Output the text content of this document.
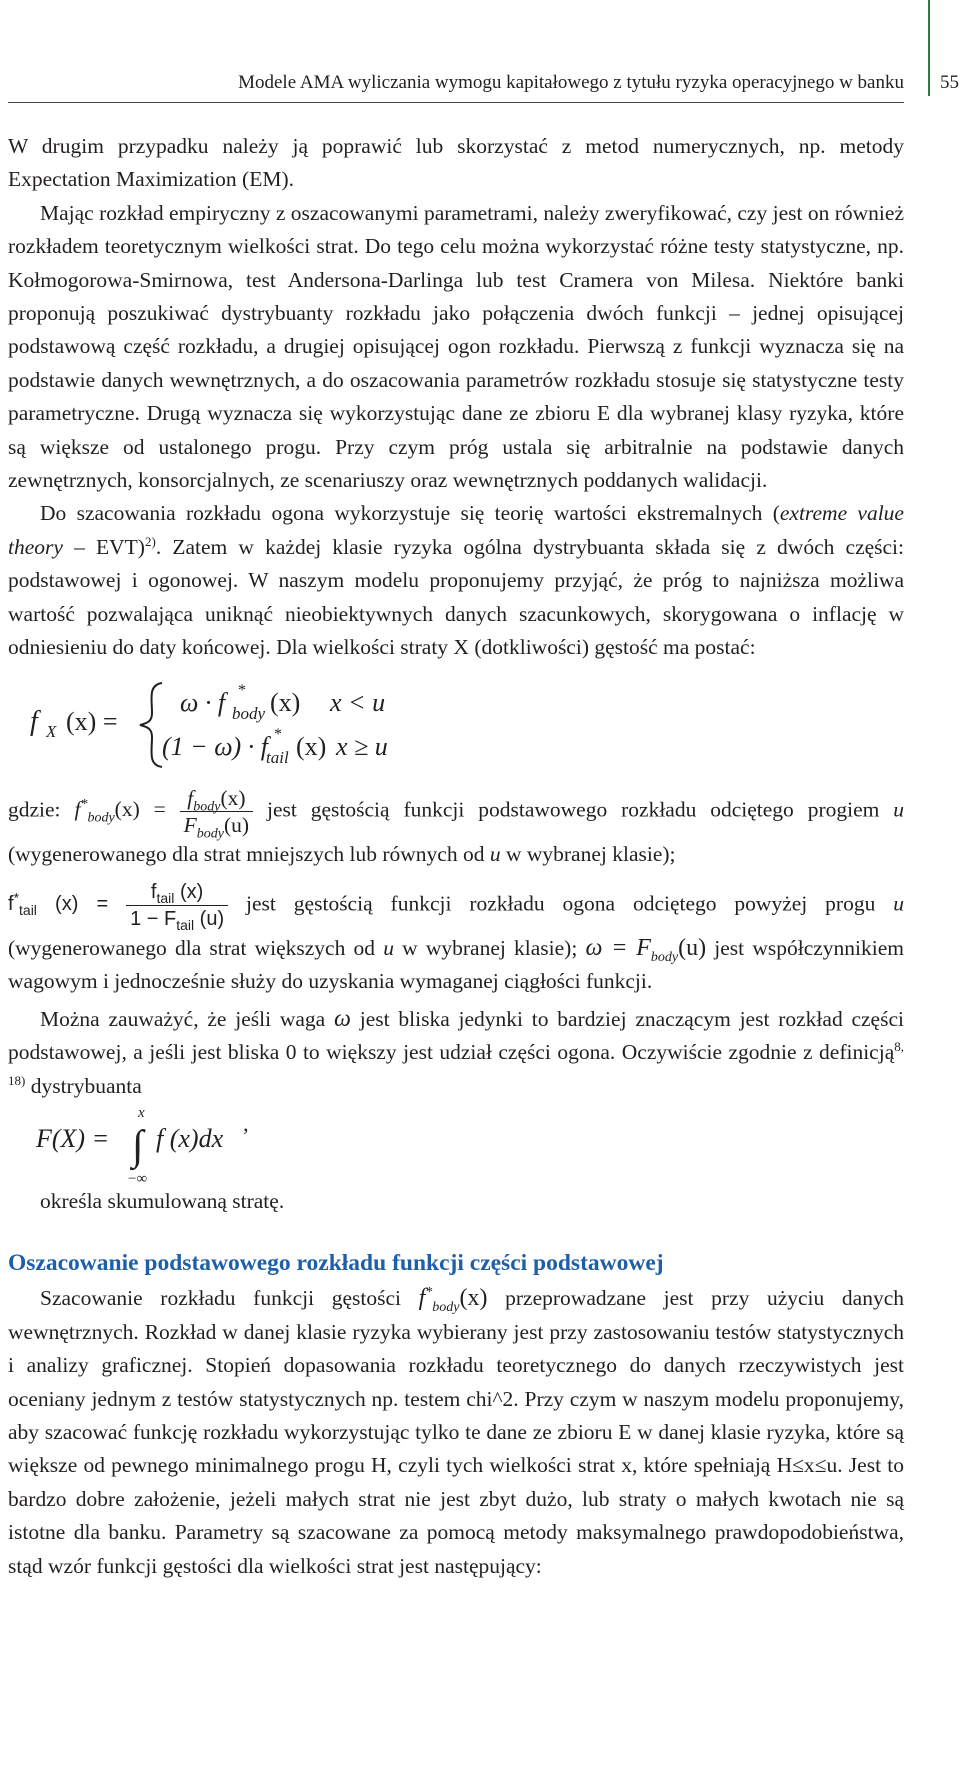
Modele AMA wyliczania wymogu kapitałowego z tytułu ryzyka operacyjnego w banku 55

W drugim przypadku należy ją poprawić lub skorzystać z metod numerycznych, np. metody Expectation Maximization (EM).

Mając rozkład empiryczny z oszacowanymi parametrami, należy zweryfikować, czy jest on również rozkładem teoretycznym wielkości strat. Do tego celu można wykorzystać różne testy statystyczne, np. Kołmogorowa-Smirnowa, test Andersona-Darlinga lub test Cramera von Milesa. Niektóre banki proponują poszukiwać dystrybuanty rozkładu jako połączenia dwóch funkcji – jednej opisującej podstawową część rozkładu, a drugiej opisującej ogon rozkładu. Pierwszą z funkcji wyznacza się na podstawie danych wewnętrznych, a do oszacowania parametrów rozkładu stosuje się statystyczne testy parametryczne. Drugą wyznacza się wykorzystując dane ze zbioru E dla wybranej klasy ryzyka, które są większe od ustalonego progu. Przy czym próg ustala się arbitralnie na podstawie danych zewnętrznych, konsorcjalnych, ze scenariuszy oraz wewnętrznych poddanych walidacji.

Do szacowania rozkładu ogona wykorzystuje się teorię wartości ekstremalnych (extreme value theory – EVT)$^{2)}$. Zatem w każdej klasie ryzyka ogólna dystrybuanta składa się z dwóch części: podstawowej i ogonowej. W naszym modelu proponujemy przyjąć, że próg to najniższa możliwa wartość pozwalająca uniknąć nieobiektywnych danych szacunkowych, skorygowana o inflację w odniesieniu do daty końcowej. Dla wielkości straty X (dotkliwości) gęstość ma postać:

f X (x) =
ω · f *
body (x) x < u
(1 − ω) · f *
tail (x) x ≥ u

gdzie: $f^*_{body}(x) = \frac{f_{body}(x)}{F_{body}(u)}$ jest gęstością funkcji podstawowego rozkładu odciętego progiem u (wygenerowanego dla strat mniejszych lub równych od u w wybranej klasie);

$f^*_{tail}$ $(x) = \frac{f_{tail} (x)}{1 - F_{tail} (u)}$ jest gęstością funkcji rozkładu ogona odciętego powyżej progu u (wygenerowanego dla strat większych od u w wybranej klasie); $\omega = F_{body}(u)$ jest współczynnikiem wagowym i jednocześnie służy do uzyskania wymaganej ciągłości funkcji.

Można zauważyć, że jeśli waga ω jest bliska jedynki to bardziej znaczącym jest rozkład części podstawowej, a jeśli jest bliska 0 to większy jest udział części ogona. Oczywiście zgodnie z definicją$^{8, 18)}$ dystrybuanta

F(X) = ∫
x
−∞
f (x)dx ’

określa skumulowaną stratę.

Oszacowanie podstawowego rozkładu funkcji części podstawowej

Szacowanie rozkładu funkcji gęstości $f^*_{body}(x)$ przeprowadzane jest przy użyciu danych wewnętrznych. Rozkład w danej klasie ryzyka wybierany jest przy zastosowaniu testów statystycznych i analizy graficznej. Stopień dopasowania rozkładu teoretycznego do danych rzeczywistych jest oceniany jednym z testów statystycznych np. testem chi^2. Przy czym w naszym modelu proponujemy, aby szacować funkcję rozkładu wykorzystując tylko te dane ze zbioru E w danej klasie ryzyka, które są większe od pewnego minimalnego progu H, czyli tych wielkości strat x, które spełniają H≤x≤u. Jest to bardzo dobre założenie, jeżeli małych strat nie jest zbyt dużo, lub straty o małych kwotach nie są istotne dla banku. Parametry są szacowane za pomocą metody maksymalnego prawdopodobieństwa, stąd wzór funkcji gęstości dla wielkości strat jest następujący:
